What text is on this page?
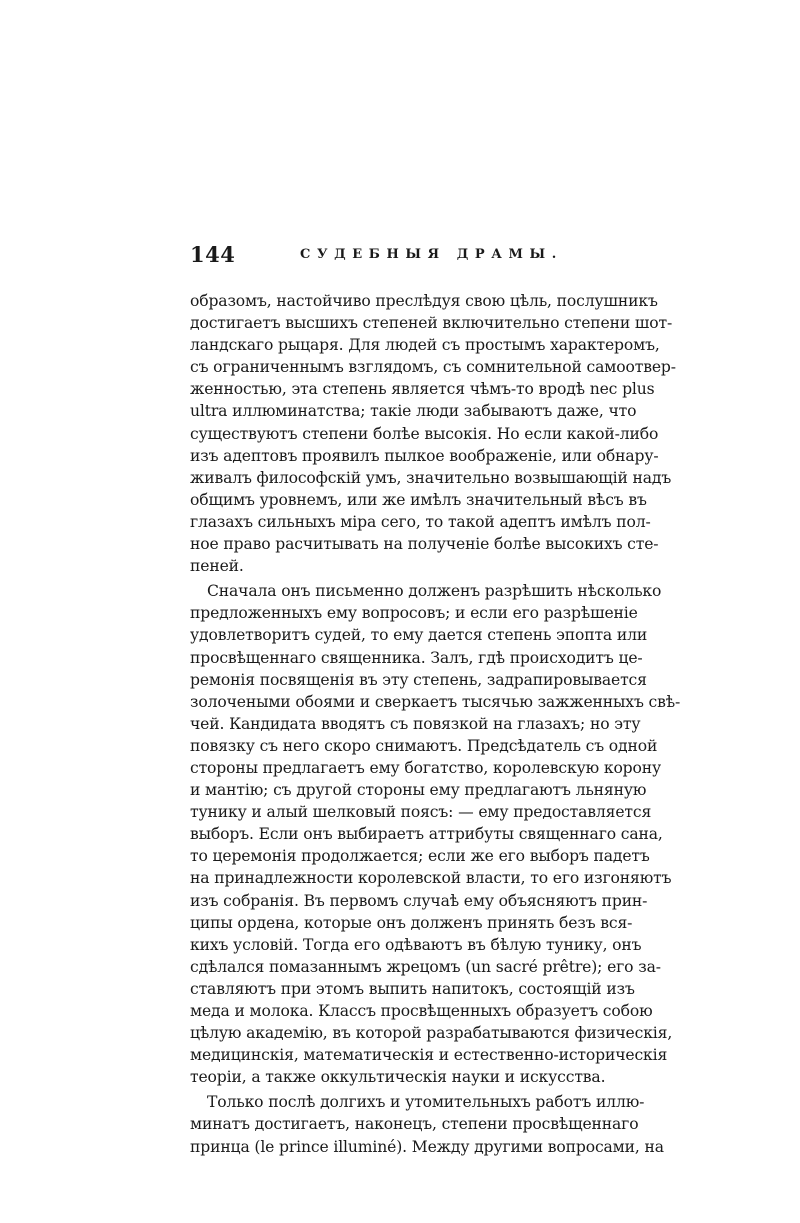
144	СУДЕБНЫЯ ДРАМЫ.
образомъ, настойчиво преслѣдуя свою цѣль, послушникъ
достигаетъ высшихъ степеней включительно степени шот-
ландскаго рыцаря. Для людей съ простымъ характеромъ,
съ ограниченнымъ взглядомъ, съ сомнительной самоотвер-
женностью, эта степень является чѣмъ-то вродѣ nec plus
ultra иллюминатства; такіе люди забываютъ даже, что
существуютъ степени болѣе высокія. Но если какой-либо
изъ адептовъ проявилъ пылкое воображеніе, или обнару-
живалъ философскій умъ, значительно возвышающій надъ
общимъ уровнемъ, или же имѣлъ значительный вѣсъ въ
глазахъ сильныхъ міра сего, то такой адептъ имѣлъ пол-
ное право расчитывать на полученіе болѣе высокихъ сте-
пеней.
Сначала онъ письменно долженъ разрѣшить нѣсколько
предложенныхъ ему вопросовъ; и если его разрѣшеніе
удовлетворитъ судей, то ему дается степень эпопта или
просвѣщеннаго священника. Залъ, гдѣ происходитъ це-
ремонія посвященія въ эту степень, задрапировывается
золочеными обоями и сверкаетъ тысячью зажженныхъ свѣ-
чей. Кандидата вводятъ съ повязкой на глазахъ; но эту
повязку съ него скоро снимаютъ. Предсѣдатель съ одной
стороны предлагаетъ ему богатство, королевскую корону
и мантію; съ другой стороны ему предлагаютъ льняную
тунику и алый шелковый поясъ: — ему предоставляется
выборъ. Если онъ выбираетъ аттрибуты священнаго сана,
то церемонія продолжается; если же его выборъ падетъ
на принадлежности королевской власти, то его изгоняютъ
изъ собранія. Въ первомъ случаѣ ему объясняютъ прин-
ципы ордена, которые онъ долженъ принять безъ вся-
кихъ условій. Тогда его одѣваютъ въ бѣлую тунику, онъ
сдѣлался помазаннымъ жрецомъ (un sacré prêtre); его за-
ставляютъ при этомъ выпить напитокъ, состоящій изъ
меда и молока. Классъ просвѣщенныхъ образуетъ собою
цѣлую академію, въ которой разрабатываются физическія,
медицинскія, математическія и естественно-историческія
теоріи, а также оккультическія науки и искусства.
Только послѣ долгихъ и утомительныхъ работъ иллю-
минатъ достигаетъ, наконецъ, степени просвѣщеннаго
принца (le prince illuminé). Между другими вопросами, на
